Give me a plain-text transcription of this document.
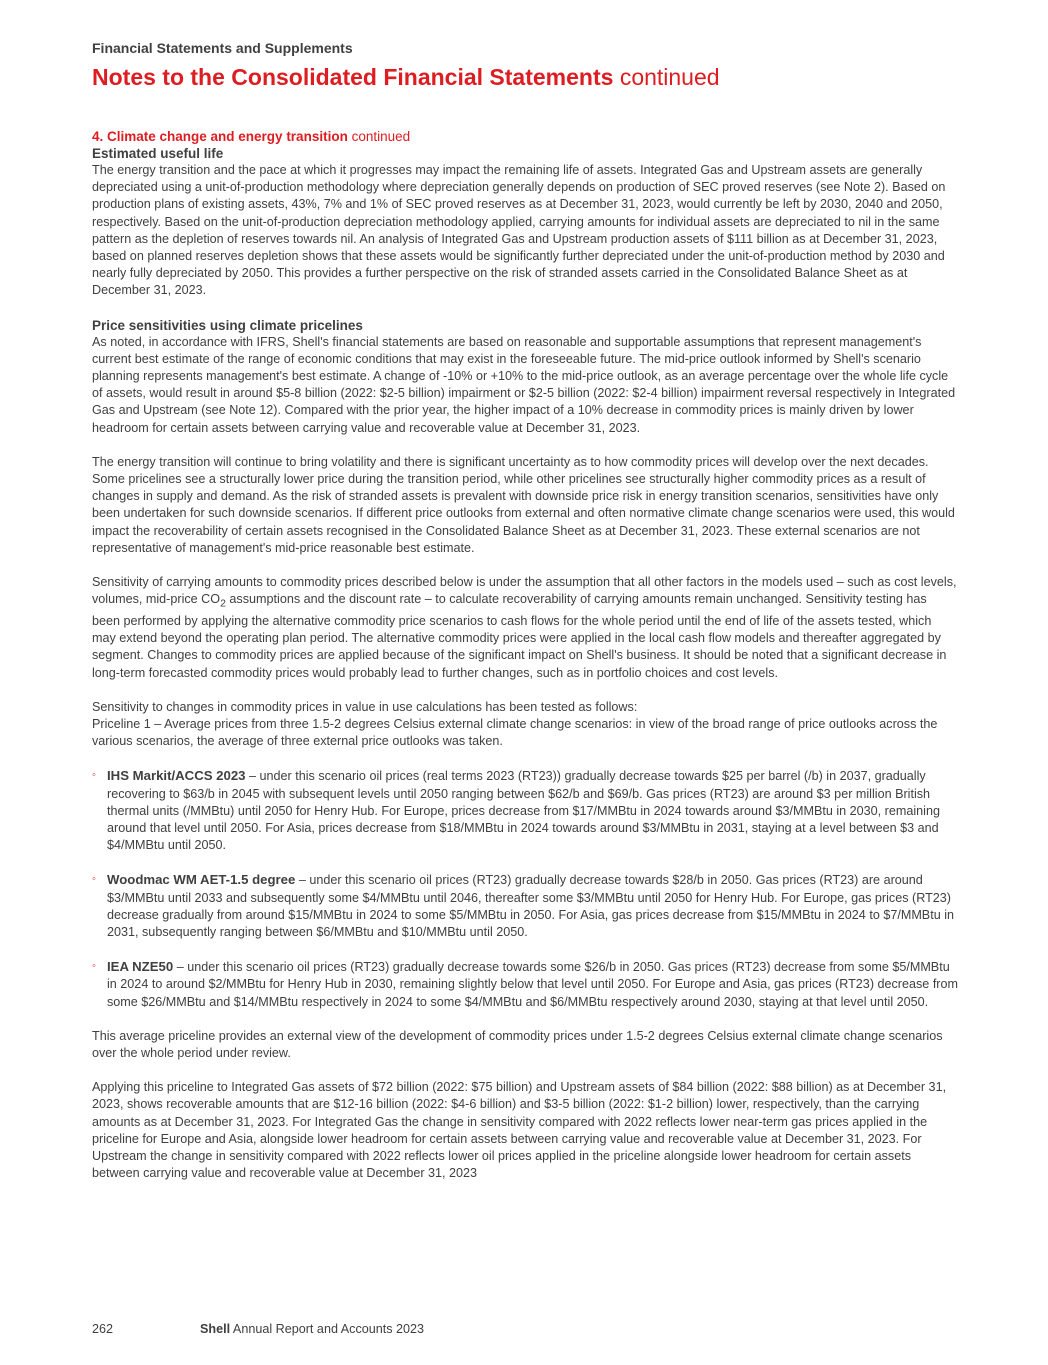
Financial Statements and Supplements

Notes to the Consolidated Financial Statements continued
4. Climate change and energy transition continued

Estimated useful life

The energy transition and the pace at which it progresses may impact the remaining life of assets. Integrated Gas and Upstream assets are generally depreciated using a unit-of-production methodology where depreciation generally depends on production of SEC proved reserves (see Note 2). Based on production plans of existing assets, 43%, 7% and 1% of SEC proved reserves as at December 31, 2023, would currently be left by 2030, 2040 and 2050, respectively. Based on the unit-of-production depreciation methodology applied, carrying amounts for individual assets are depreciated to nil in the same pattern as the depletion of reserves towards nil. An analysis of Integrated Gas and Upstream production assets of $111 billion as at December 31, 2023, based on planned reserves depletion shows that these assets would be significantly further depreciated under the unit-of-production method by 2030 and nearly fully depreciated by 2050. This provides a further perspective on the risk of stranded assets carried in the Consolidated Balance Sheet as at December 31, 2023.

Price sensitivities using climate pricelines

As noted, in accordance with IFRS, Shell's financial statements are based on reasonable and supportable assumptions that represent management's current best estimate of the range of economic conditions that may exist in the foreseeable future. The mid-price outlook informed by Shell's scenario planning represents management's best estimate. A change of -10% or +10% to the mid-price outlook, as an average percentage over the whole life cycle of assets, would result in around $5-8 billion (2022: $2-5 billion) impairment or $2-5 billion (2022: $2-4 billion) impairment reversal respectively in Integrated Gas and Upstream (see Note 12). Compared with the prior year, the higher impact of a 10% decrease in commodity prices is mainly driven by lower headroom for certain assets between carrying value and recoverable value at December 31, 2023.

The energy transition will continue to bring volatility and there is significant uncertainty as to how commodity prices will develop over the next decades. Some pricelines see a structurally lower price during the transition period, while other pricelines see structurally higher commodity prices as a result of changes in supply and demand. As the risk of stranded assets is prevalent with downside price risk in energy transition scenarios, sensitivities have only been undertaken for such downside scenarios. If different price outlooks from external and often normative climate change scenarios were used, this would impact the recoverability of certain assets recognised in the Consolidated Balance Sheet as at December 31, 2023. These external scenarios are not representative of management's mid-price reasonable best estimate.

Sensitivity of carrying amounts to commodity prices described below is under the assumption that all other factors in the models used – such as cost levels, volumes, mid-price $CO_2$ assumptions and the discount rate – to calculate recoverability of carrying amounts remain unchanged. Sensitivity testing has been performed by applying the alternative commodity price scenarios to cash flows for the whole period until the end of life of the assets tested, which may extend beyond the operating plan period. The alternative commodity prices were applied in the local cash flow models and thereafter aggregated by segment. Changes to commodity prices are applied because of the significant impact on Shell's business. It should be noted that a significant decrease in long-term forecasted commodity prices would probably lead to further changes, such as in portfolio choices and cost levels.

Sensitivity to changes in commodity prices in value in use calculations has been tested as follows:
Priceline 1 – Average prices from three 1.5-2 degrees Celsius external climate change scenarios: in view of the broad range of price outlooks across the various scenarios, the average of three external price outlooks was taken.

◦ IHS Markit/ACCS 2023 – under this scenario oil prices (real terms 2023 (RT23)) gradually decrease towards $25 per barrel (/b) in 2037, gradually recovering to $63/b in 2045 with subsequent levels until 2050 ranging between $62/b and $69/b. Gas prices (RT23) are around $3 per million British thermal units (/MMBtu) until 2050 for Henry Hub. For Europe, prices decrease from $17/MMBtu in 2024 towards around $3/MMBtu in 2030, remaining around that level until 2050. For Asia, prices decrease from $18/MMBtu in 2024 towards around $3/MMBtu in 2031, staying at a level between $3 and $4/MMBtu until 2050.
◦ Woodmac WM AET-1.5 degree – under this scenario oil prices (RT23) gradually decrease towards $28/b in 2050. Gas prices (RT23) are around $3/MMBtu until 2033 and subsequently some $4/MMBtu until 2046, thereafter some $3/MMBtu until 2050 for Henry Hub. For Europe, gas prices (RT23) decrease gradually from around $15/MMBtu in 2024 to some $5/MMBtu in 2050. For Asia, gas prices decrease from $15/MMBtu in 2024 to $7/MMBtu in 2031, subsequently ranging between $6/MMBtu and $10/MMBtu until 2050.
◦ IEA NZE50 – under this scenario oil prices (RT23) gradually decrease towards some $26/b in 2050. Gas prices (RT23) decrease from some $5/MMBtu in 2024 to around $2/MMBtu for Henry Hub in 2030, remaining slightly below that level until 2050. For Europe and Asia, gas prices (RT23) decrease from some $26/MMBtu and $14/MMBtu respectively in 2024 to some $4/MMBtu and $6/MMBtu respectively around 2030, staying at that level until 2050.

This average priceline provides an external view of the development of commodity prices under 1.5-2 degrees Celsius external climate change scenarios over the whole period under review.

Applying this priceline to Integrated Gas assets of $72 billion (2022: $75 billion) and Upstream assets of $84 billion (2022: $88 billion) as at December 31, 2023, shows recoverable amounts that are $12-16 billion (2022: $4-6 billion) and $3-5 billion (2022: $1-2 billion) lower, respectively, than the carrying amounts as at December 31, 2023. For Integrated Gas the change in sensitivity compared with 2022 reflects lower near-term gas prices applied in the priceline for Europe and Asia, alongside lower headroom for certain assets between carrying value and recoverable value at December 31, 2023. For Upstream the change in sensitivity compared with 2022 reflects lower oil prices applied in the priceline alongside lower headroom for certain assets between carrying value and recoverable value at December 31, 2023

262	Shell Annual Report and Accounts 2023
